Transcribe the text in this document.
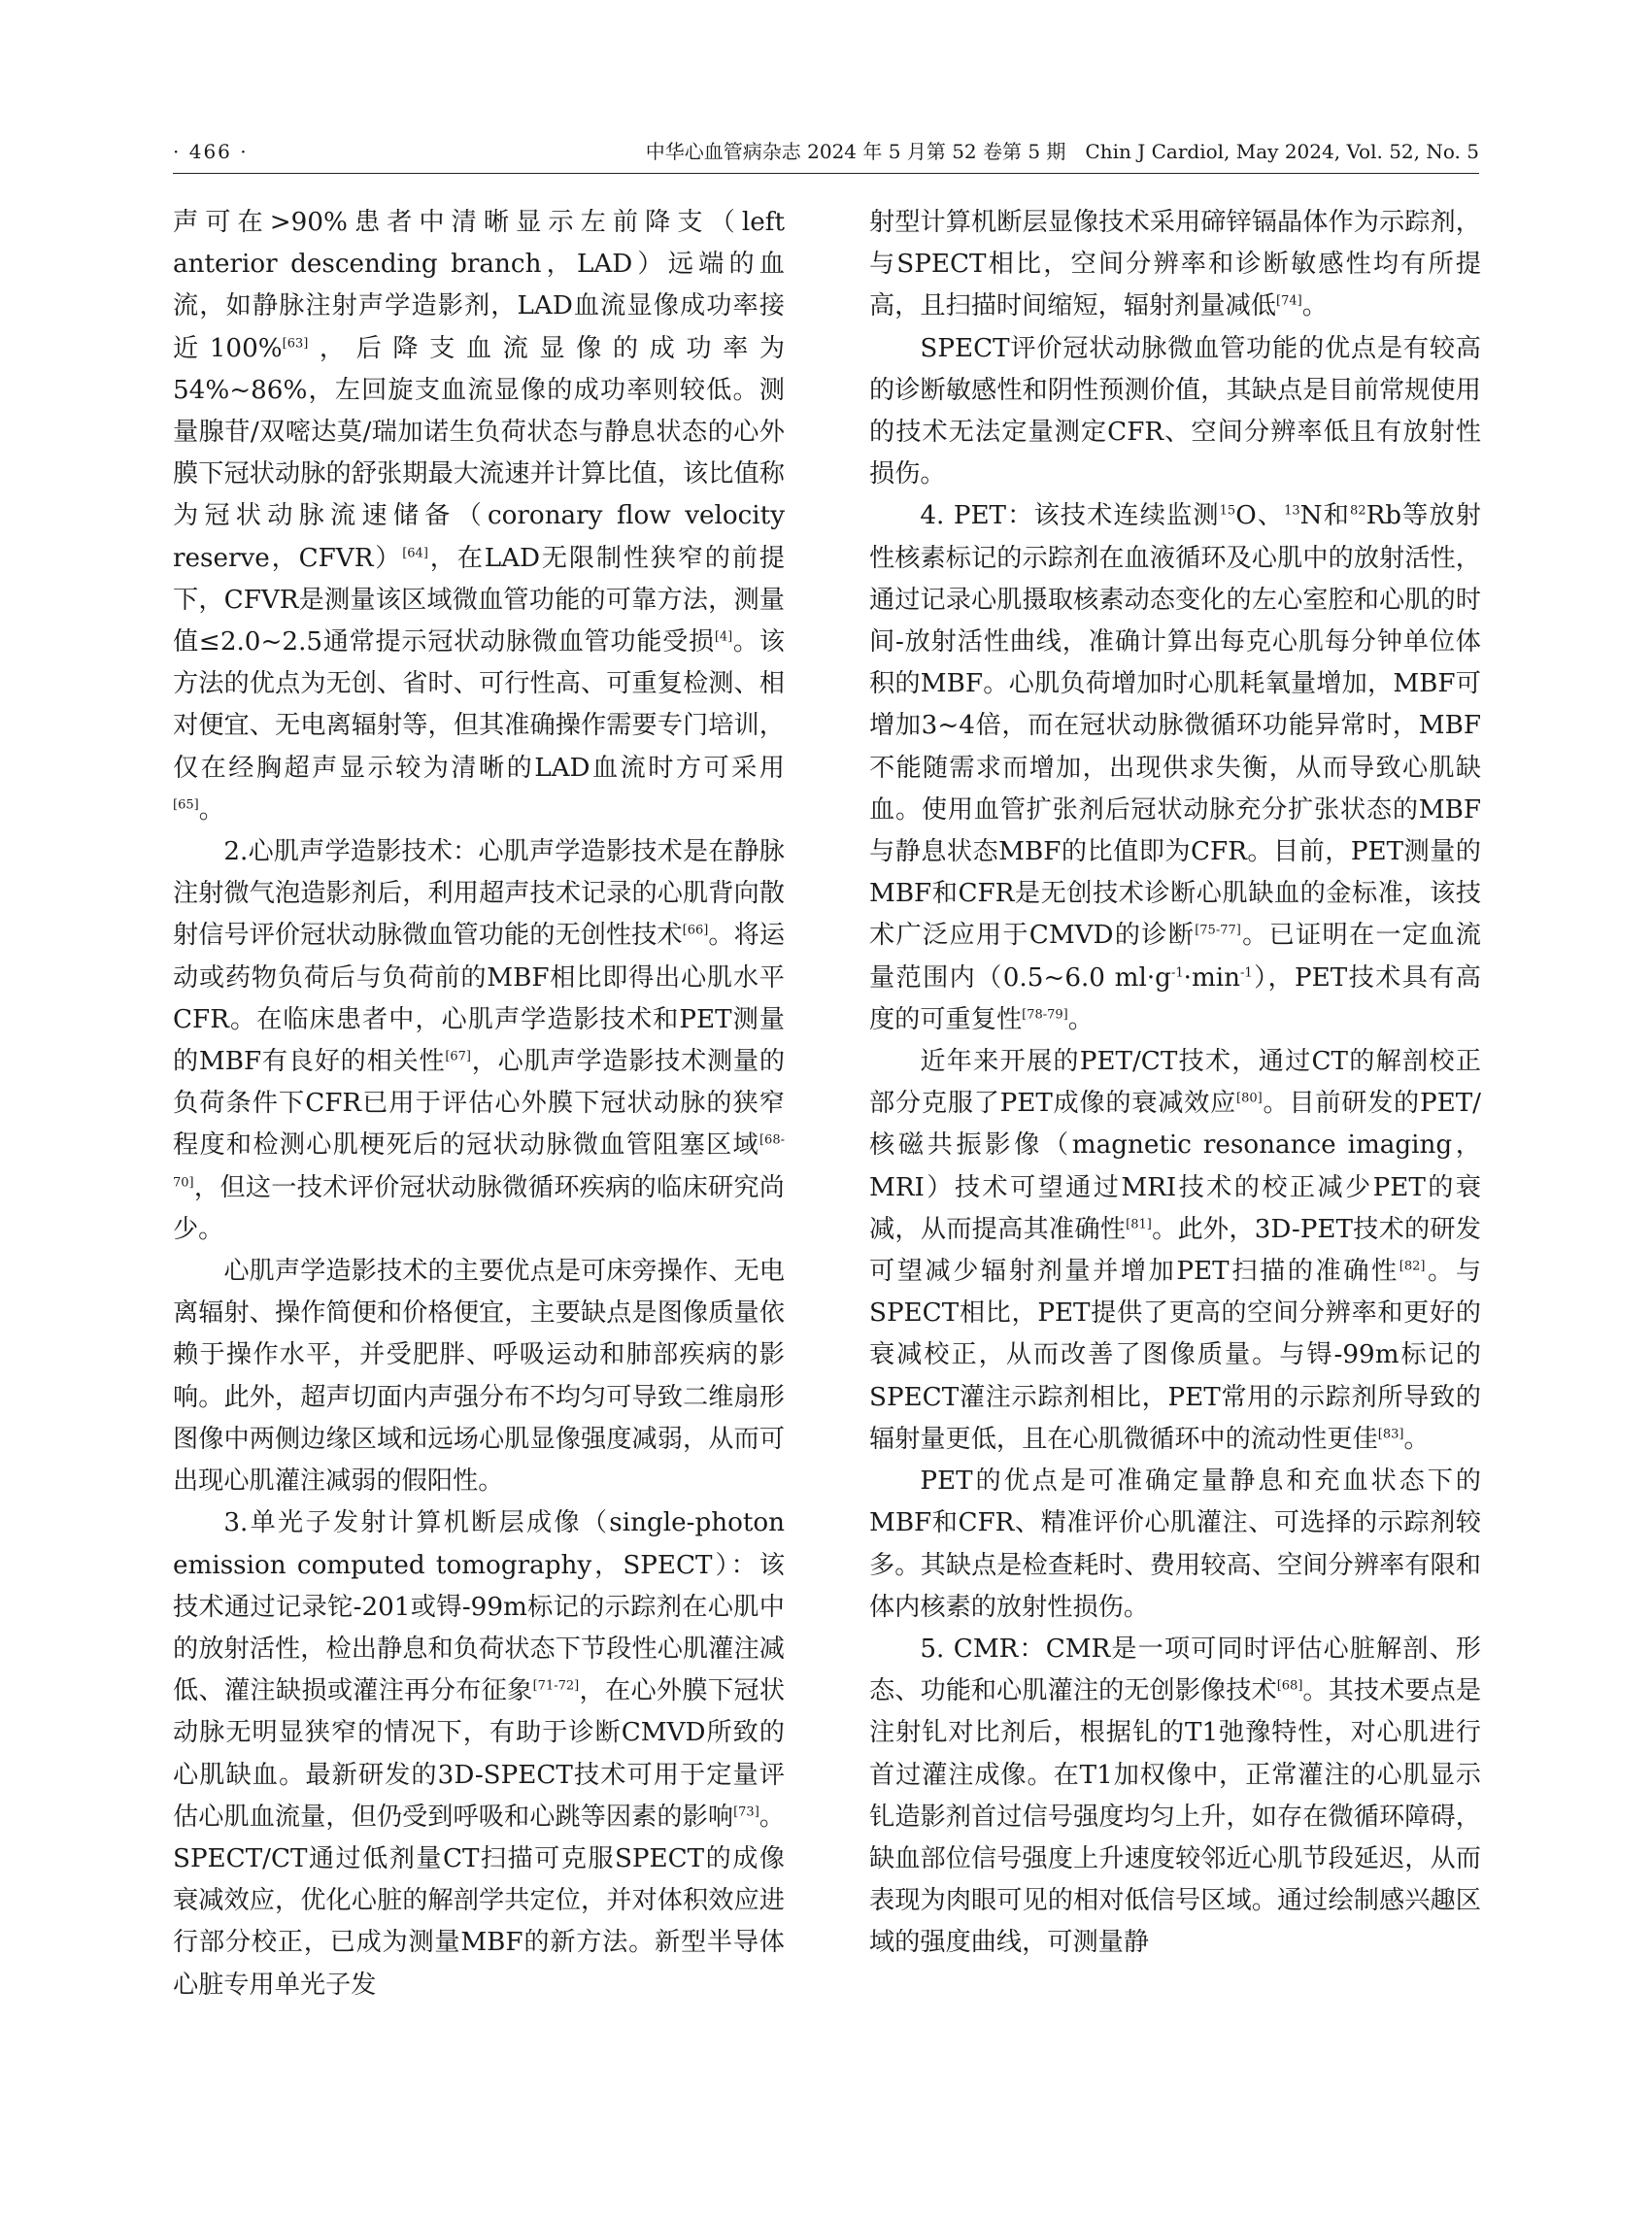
· 466 ·	中华心血管病杂志 2024 年 5 月第 52 卷第 5 期　Chin J Cardiol, May 2024, Vol. 52, No. 5

声可在>90%患者中清晰显示左前降支（left anterior descending branch，LAD）远端的血流，如静脉注射声学造影剂，LAD血流显像成功率接近100%[63]，后降支血流显像的成功率为54%~86%，左回旋支血流显像的成功率则较低。测量腺苷/双嘧达莫/瑞加诺生负荷状态与静息状态的心外膜下冠状动脉的舒张期最大流速并计算比值，该比值称为冠状动脉流速储备（coronary flow velocity reserve，CFVR）[64]，在LAD无限制性狭窄的前提下，CFVR是测量该区域微血管功能的可靠方法，测量值≤2.0~2.5通常提示冠状动脉微血管功能受损[4]。该方法的优点为无创、省时、可行性高、可重复检测、相对便宜、无电离辐射等，但其准确操作需要专门培训，仅在经胸超声显示较为清晰的LAD血流时方可采用[65]。

2.心肌声学造影技术：心肌声学造影技术是在静脉注射微气泡造影剂后，利用超声技术记录的心肌背向散射信号评价冠状动脉微血管功能的无创性技术[66]。将运动或药物负荷后与负荷前的MBF相比即得出心肌水平CFR。在临床患者中，心肌声学造影技术和PET测量的MBF有良好的相关性[67]，心肌声学造影技术测量的负荷条件下CFR已用于评估心外膜下冠状动脉的狭窄程度和检测心肌梗死后的冠状动脉微血管阻塞区域[68-70]，但这一技术评价冠状动脉微循环疾病的临床研究尚少。

心肌声学造影技术的主要优点是可床旁操作、无电离辐射、操作简便和价格便宜，主要缺点是图像质量依赖于操作水平，并受肥胖、呼吸运动和肺部疾病的影响。此外，超声切面内声强分布不均匀可导致二维扇形图像中两侧边缘区域和远场心肌显像强度减弱，从而可出现心肌灌注减弱的假阳性。

3.单光子发射计算机断层成像（single-photon emission computed tomography，SPECT）：该技术通过记录铊-201或锝-99m标记的示踪剂在心肌中的放射活性，检出静息和负荷状态下节段性心肌灌注减低、灌注缺损或灌注再分布征象[71-72]，在心外膜下冠状动脉无明显狭窄的情况下，有助于诊断CMVD所致的心肌缺血。最新研发的3D-SPECT技术可用于定量评估心肌血流量，但仍受到呼吸和心跳等因素的影响[73]。SPECT/CT通过低剂量CT扫描可克服SPECT的成像衰减效应，优化心脏的解剖学共定位，并对体积效应进行部分校正，已成为测量MBF的新方法。新型半导体心脏专用单光子发

射型计算机断层显像技术采用碲锌镉晶体作为示踪剂，与SPECT相比，空间分辨率和诊断敏感性均有所提高，且扫描时间缩短，辐射剂量减低[74]。

SPECT评价冠状动脉微血管功能的优点是有较高的诊断敏感性和阴性预测价值，其缺点是目前常规使用的技术无法定量测定CFR、空间分辨率低且有放射性损伤。

4. PET：该技术连续监测$^{15}$O、$^{13}$N和$^{82}$Rb等放射性核素标记的示踪剂在血液循环及心肌中的放射活性，通过记录心肌摄取核素动态变化的左心室腔和心肌的时间-放射活性曲线，准确计算出每克心肌每分钟单位体积的MBF。心肌负荷增加时心肌耗氧量增加，MBF可增加3~4倍，而在冠状动脉微循环功能异常时，MBF不能随需求而增加，出现供求失衡，从而导致心肌缺血。使用血管扩张剂后冠状动脉充分扩张状态的MBF与静息状态MBF的比值即为CFR。目前，PET测量的MBF和CFR是无创技术诊断心肌缺血的金标准，该技术广泛应用于CMVD的诊断[75-77]。已证明在一定血流量范围内（0.5~6.0 $ml\cdot g^{-1}\cdot\min^{-1}$），PET技术具有高度的可重复性[78-79]。

近年来开展的PET/CT技术，通过CT的解剖校正部分克服了PET成像的衰减效应[80]。目前研发的PET/核磁共振影像（magnetic resonance imaging，MRI）技术可望通过MRI技术的校正减少PET的衰减，从而提高其准确性[81]。此外，3D-PET技术的研发可望减少辐射剂量并增加PET扫描的准确性[82]。与SPECT相比，PET提供了更高的空间分辨率和更好的衰减校正，从而改善了图像质量。与锝-99m标记的SPECT灌注示踪剂相比，PET常用的示踪剂所导致的辐射量更低，且在心肌微循环中的流动性更佳[83]。

PET的优点是可准确定量静息和充血状态下的MBF和CFR、精准评价心肌灌注、可选择的示踪剂较多。其缺点是检查耗时、费用较高、空间分辨率有限和体内核素的放射性损伤。

5. CMR：CMR是一项可同时评估心脏解剖、形态、功能和心肌灌注的无创影像技术[68]。其技术要点是注射钆对比剂后，根据钆的T1弛豫特性，对心肌进行首过灌注成像。在T1加权像中，正常灌注的心肌显示钆造影剂首过信号强度均匀上升，如存在微循环障碍，缺血部位信号强度上升速度较邻近心肌节段延迟，从而表现为肉眼可见的相对低信号区域。通过绘制感兴趣区域的强度曲线，可测量静
